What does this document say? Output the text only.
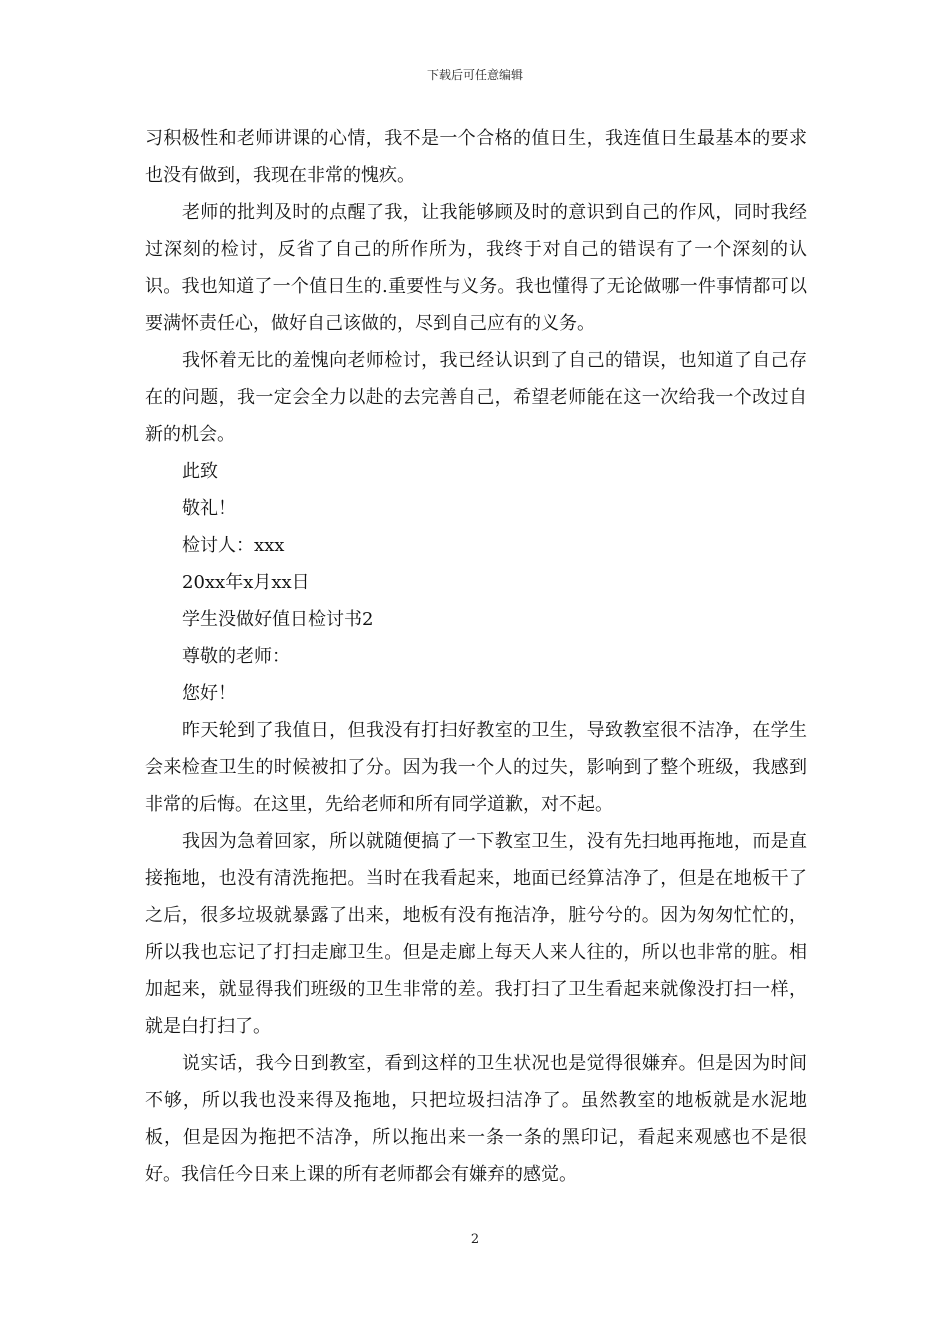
下载后可任意编辑

习积极性和老师讲课的心情，我不是一个合格的值日生，我连值日生最基本的要求也没有做到，我现在非常的愧疚。

老师的批判及时的点醒了我，让我能够顾及时的意识到自己的作风，同时我经过深刻的检讨，反省了自己的所作所为，我终于对自己的错误有了一个深刻的认识。我也知道了一个值日生的.重要性与义务。我也懂得了无论做哪一件事情都可以要满怀责任心，做好自己该做的，尽到自己应有的义务。

我怀着无比的羞愧向老师检讨，我已经认识到了自己的错误，也知道了自己存在的问题，我一定会全力以赴的去完善自己，希望老师能在这一次给我一个改过自新的机会。

此致

敬礼！

检讨人：xxx

20xx年x月xx日

学生没做好值日检讨书2

尊敬的老师：

您好！

昨天轮到了我值日，但我没有打扫好教室的卫生，导致教室很不洁净，在学生会来检查卫生的时候被扣了分。因为我一个人的过失，影响到了整个班级，我感到非常的后悔。在这里，先给老师和所有同学道歉，对不起。

我因为急着回家，所以就随便搞了一下教室卫生，没有先扫地再拖地，而是直接拖地，也没有清洗拖把。当时在我看起来，地面已经算洁净了，但是在地板干了之后，很多垃圾就暴露了出来，地板有没有拖洁净，脏兮兮的。因为匆匆忙忙的，所以我也忘记了打扫走廊卫生。但是走廊上每天人来人往的，所以也非常的脏。相加起来，就显得我们班级的卫生非常的差。我打扫了卫生看起来就像没打扫一样，就是白打扫了。

说实话，我今日到教室，看到这样的卫生状况也是觉得很嫌弃。但是因为时间不够，所以我也没来得及拖地，只把垃圾扫洁净了。虽然教室的地板就是水泥地板，但是因为拖把不洁净，所以拖出来一条一条的黑印记，看起来观感也不是很好。我信任今日来上课的所有老师都会有嫌弃的感觉。

2
